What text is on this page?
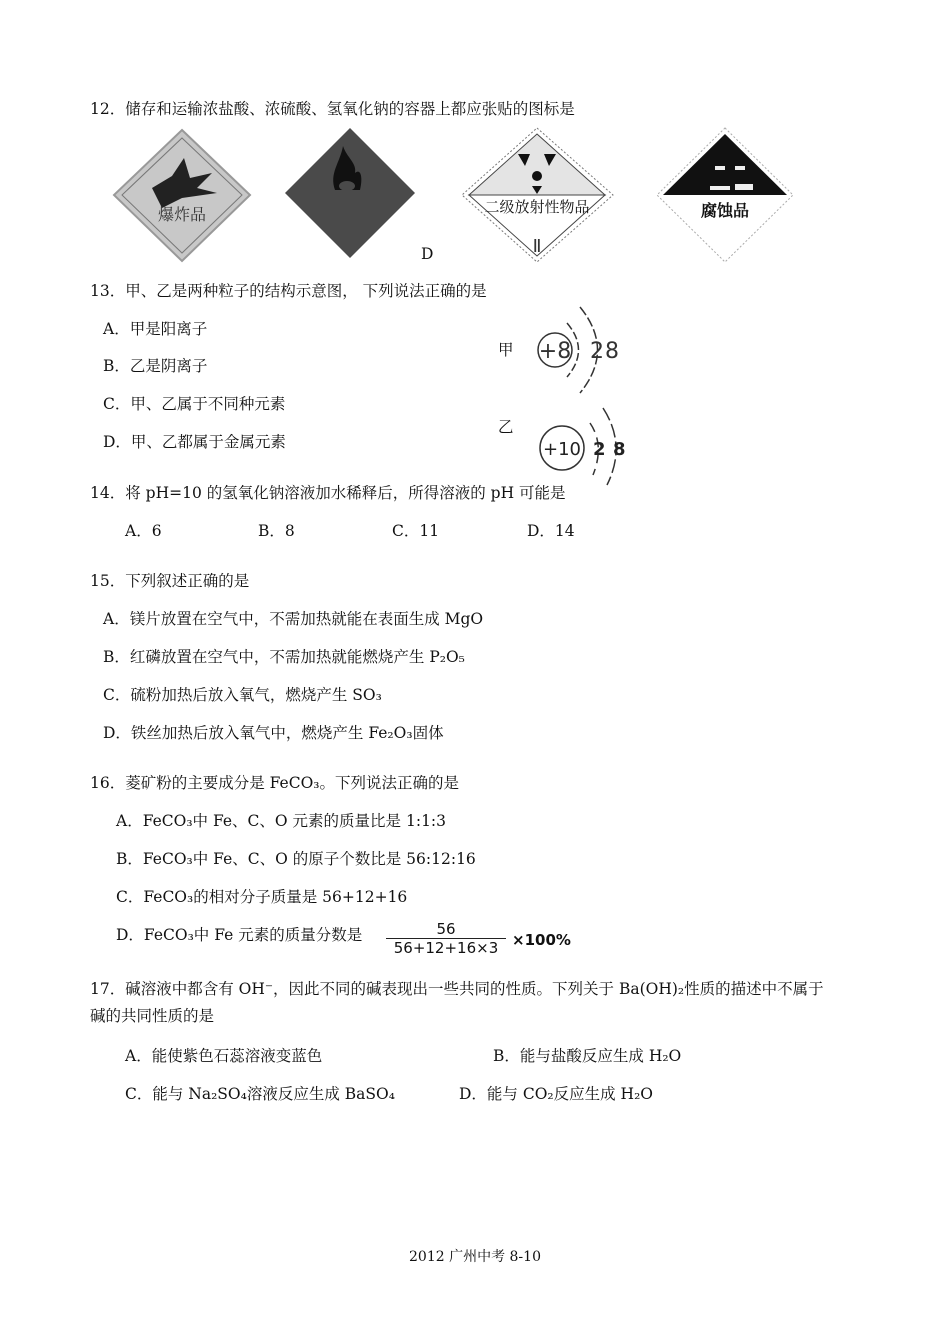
12．储存和运输浓盐酸、浓硫酸、氢氧化钠的容器上都应张贴的图标是
爆炸品
D
二级放射性物品
Ⅱ
腐蚀品
13．甲、乙是两种粒子的结构示意图， 下列说法正确的是
A．甲是阳离子
B．乙是阴离子
C．甲、乙属于不同种元素
D．甲、乙都属于金属元素
甲
乙
+8 2 8
+10 2 8
14．将 pH=10 的氢氧化钠溶液加水稀释后，所得溶液的 pH 可能是
A．6	B．8	C．11	D．14
15．下列叙述正确的是
A．镁片放置在空气中，不需加热就能在表面生成 MgO
B．红磷放置在空气中，不需加热就能燃烧产生 P₂O₅
C．硫粉加热后放入氧气，燃烧产生 SO₃
D．铁丝加热后放入氧气中，燃烧产生 Fe₂O₃固体
16．菱矿粉的主要成分是 FeCO₃。下列说法正确的是
A．FeCO₃中 Fe、C、O 元素的质量比是 1:1:3
B．FeCO₃中 Fe、C、O 的原子个数比是 56:12:16
C．FeCO₃的相对分子质量是 56+12+16
D．FeCO₃中 Fe 元素的质量分数是 $\frac{56}{56+12+16\times 3} \times 100\%$
17．碱溶液中都含有 OH⁻，因此不同的碱表现出一些共同的性质。下列关于 Ba(OH)₂性质的描述中不属于
碱的共同性质的是
A．能使紫色石蕊溶液变蓝色	B．能与盐酸反应生成 H₂O
C．能与 Na₂SO₄溶液反应生成 BaSO₄	D．能与 CO₂反应生成 H₂O
2012 广州中考 8-10
